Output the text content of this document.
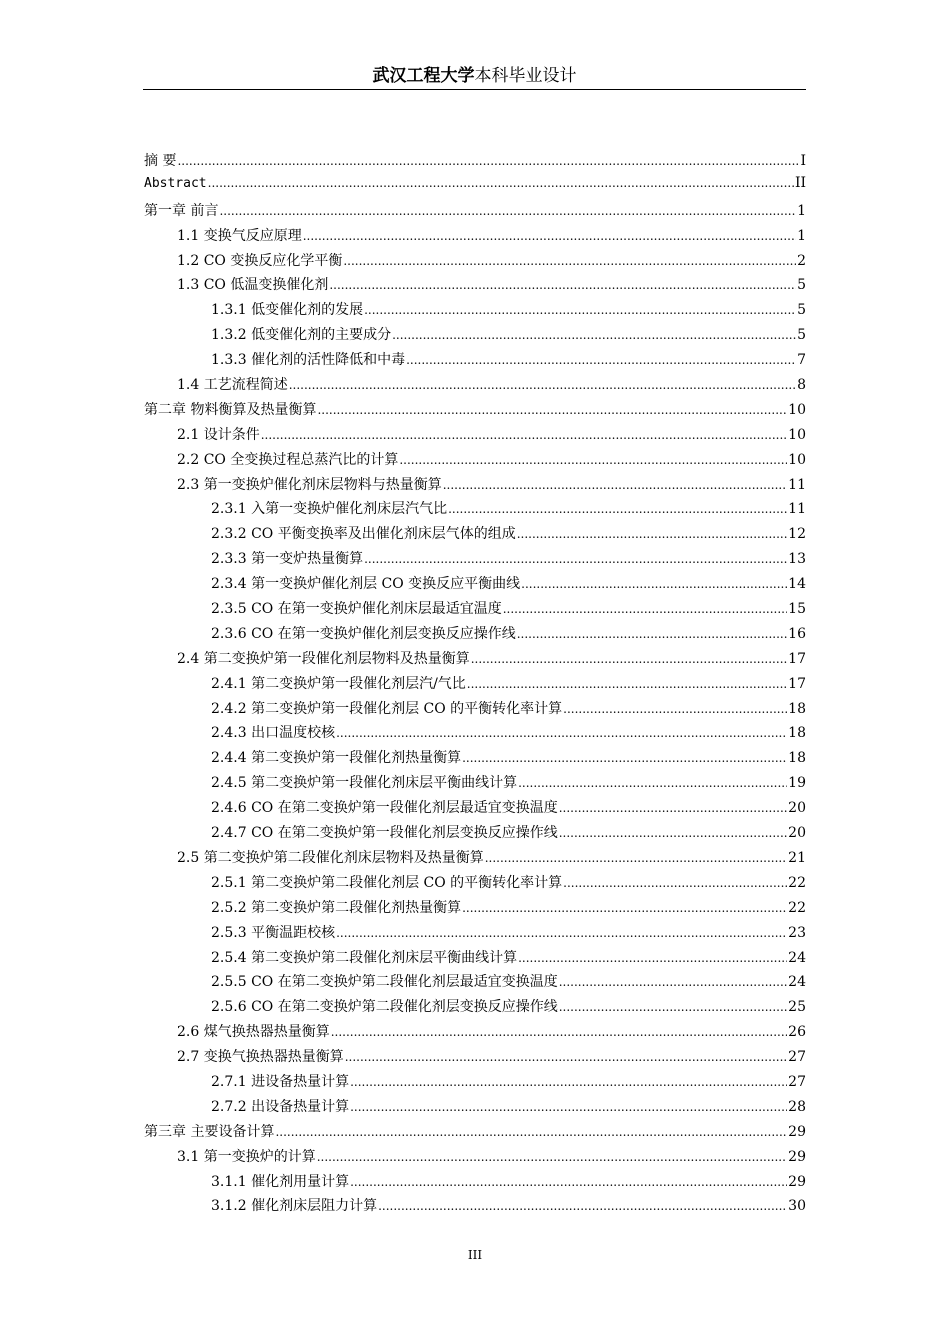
武汉工程大学本科毕业设计
摘 要 .....	I
Abstract .....	II
第一章 前言 .....	1
1.1 变换气反应原理 .....	1
1.2 CO 变换反应化学平衡 .....	2
1.3 CO 低温变换催化剂 .....	5
1.3.1 低变催化剂的发展 .....	5
1.3.2 低变催化剂的主要成分 .....	5
1.3.3 催化剂的活性降低和中毒 .....	7
1.4 工艺流程简述 .....	8
第二章 物料衡算及热量衡算 .....	10
2.1 设计条件 .....	10
2.2 CO 全变换过程总蒸汽比的计算 .....	10
2.3 第一变换炉催化剂床层物料与热量衡算 .....	11
2.3.1 入第一变换炉催化剂床层汽气比 .....	11
2.3.2 CO 平衡变换率及出催化剂床层气体的组成 .....	12
2.3.3 第一变炉热量衡算 .....	13
2.3.4 第一变换炉催化剂层 CO 变换反应平衡曲线 .....	14
2.3.5 CO 在第一变换炉催化剂床层最适宜温度 .....	15
2.3.6 CO 在第一变换炉催化剂层变换反应操作线 .....	16
2.4 第二变换炉第一段催化剂层物料及热量衡算 .....	17
2.4.1 第二变换炉第一段催化剂层汽/气比 .....	17
2.4.2 第二变换炉第一段催化剂层 CO 的平衡转化率计算 .....	18
2.4.3 出口温度校核 .....	18
2.4.4 第二变换炉第一段催化剂热量衡算 .....	18
2.4.5 第二变换炉第一段催化剂床层平衡曲线计算 .....	19
2.4.6 CO 在第二变换炉第一段催化剂层最适宜变换温度 .....	20
2.4.7 CO 在第二变换炉第一段催化剂层变换反应操作线 .....	20
2.5 第二变换炉第二段催化剂床层物料及热量衡算 .....	21
2.5.1 第二变换炉第二段催化剂层 CO 的平衡转化率计算 .....	22
2.5.2 第二变换炉第二段催化剂热量衡算 .....	22
2.5.3 平衡温距校核 .....	23
2.5.4 第二变换炉第二段催化剂床层平衡曲线计算 .....	24
2.5.5 CO 在第二变换炉第二段催化剂层最适宜变换温度 .....	24
2.5.6 CO 在第二变换炉第二段催化剂层变换反应操作线 .....	25
2.6 煤气换热器热量衡算 .....	26
2.7 变换气换热器热量衡算 .....	27
2.7.1 进设备热量计算 .....	27
2.7.2 出设备热量计算 .....	28
第三章 主要设备计算 .....	29
3.1 第一变换炉的计算 .....	29
3.1.1 催化剂用量计算 .....	29
3.1.2 催化剂床层阻力计算 .....	30
III
